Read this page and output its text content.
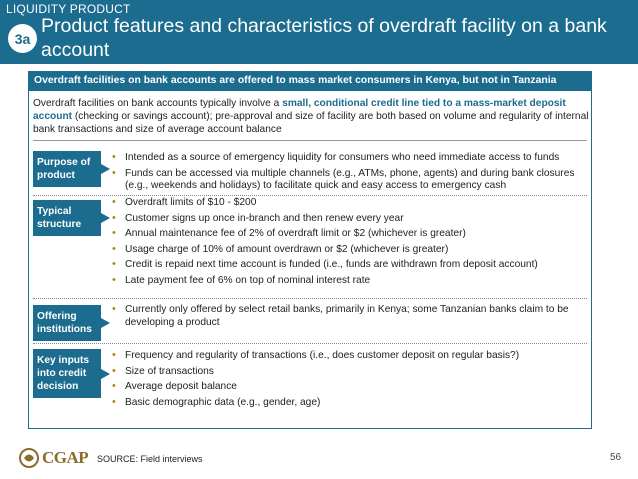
LIQUIDITY PRODUCT
3a
Product features and characteristics of overdraft facility on a bank account
Overdraft facilities on bank accounts are offered to mass market consumers in Kenya, but not in Tanzania
Overdraft facilities on bank accounts typically involve a small, conditional credit line tied to a mass-market deposit account (checking or savings account); pre-approval and size of facility are both based on volume and regularity of internal bank transactions and size of average account balance
Purpose of product
• Intended as a source of emergency liquidity for consumers who need immediate access to funds
• Funds can be accessed via multiple channels (e.g., ATMs, phone, agents) and during bank closures (e.g., weekends and holidays) to facilitate quick and easy access to emergency cash
Typical structure
• Overdraft limits of $10 - $200
• Customer signs up once in-branch and then renew every year
• Annual maintenance fee of 2% of overdraft limit or $2 (whichever is greater)
• Usage charge of 10% of amount overdrawn or $2 (whichever is greater)
• Credit is repaid next time account is funded (i.e., funds are withdrawn from deposit account)
• Late payment fee of 6% on top of nominal interest rate
Offering institutions
• Currently only offered by select retail banks, primarily in Kenya; some Tanzanian banks claim to be developing a product
Key inputs into credit decision
• Frequency and regularity of transactions (i.e., does customer deposit on regular basis?)
• Size of transactions
• Average deposit balance
• Basic demographic data (e.g., gender, age)
CGAP SOURCE: Field interviews	56
